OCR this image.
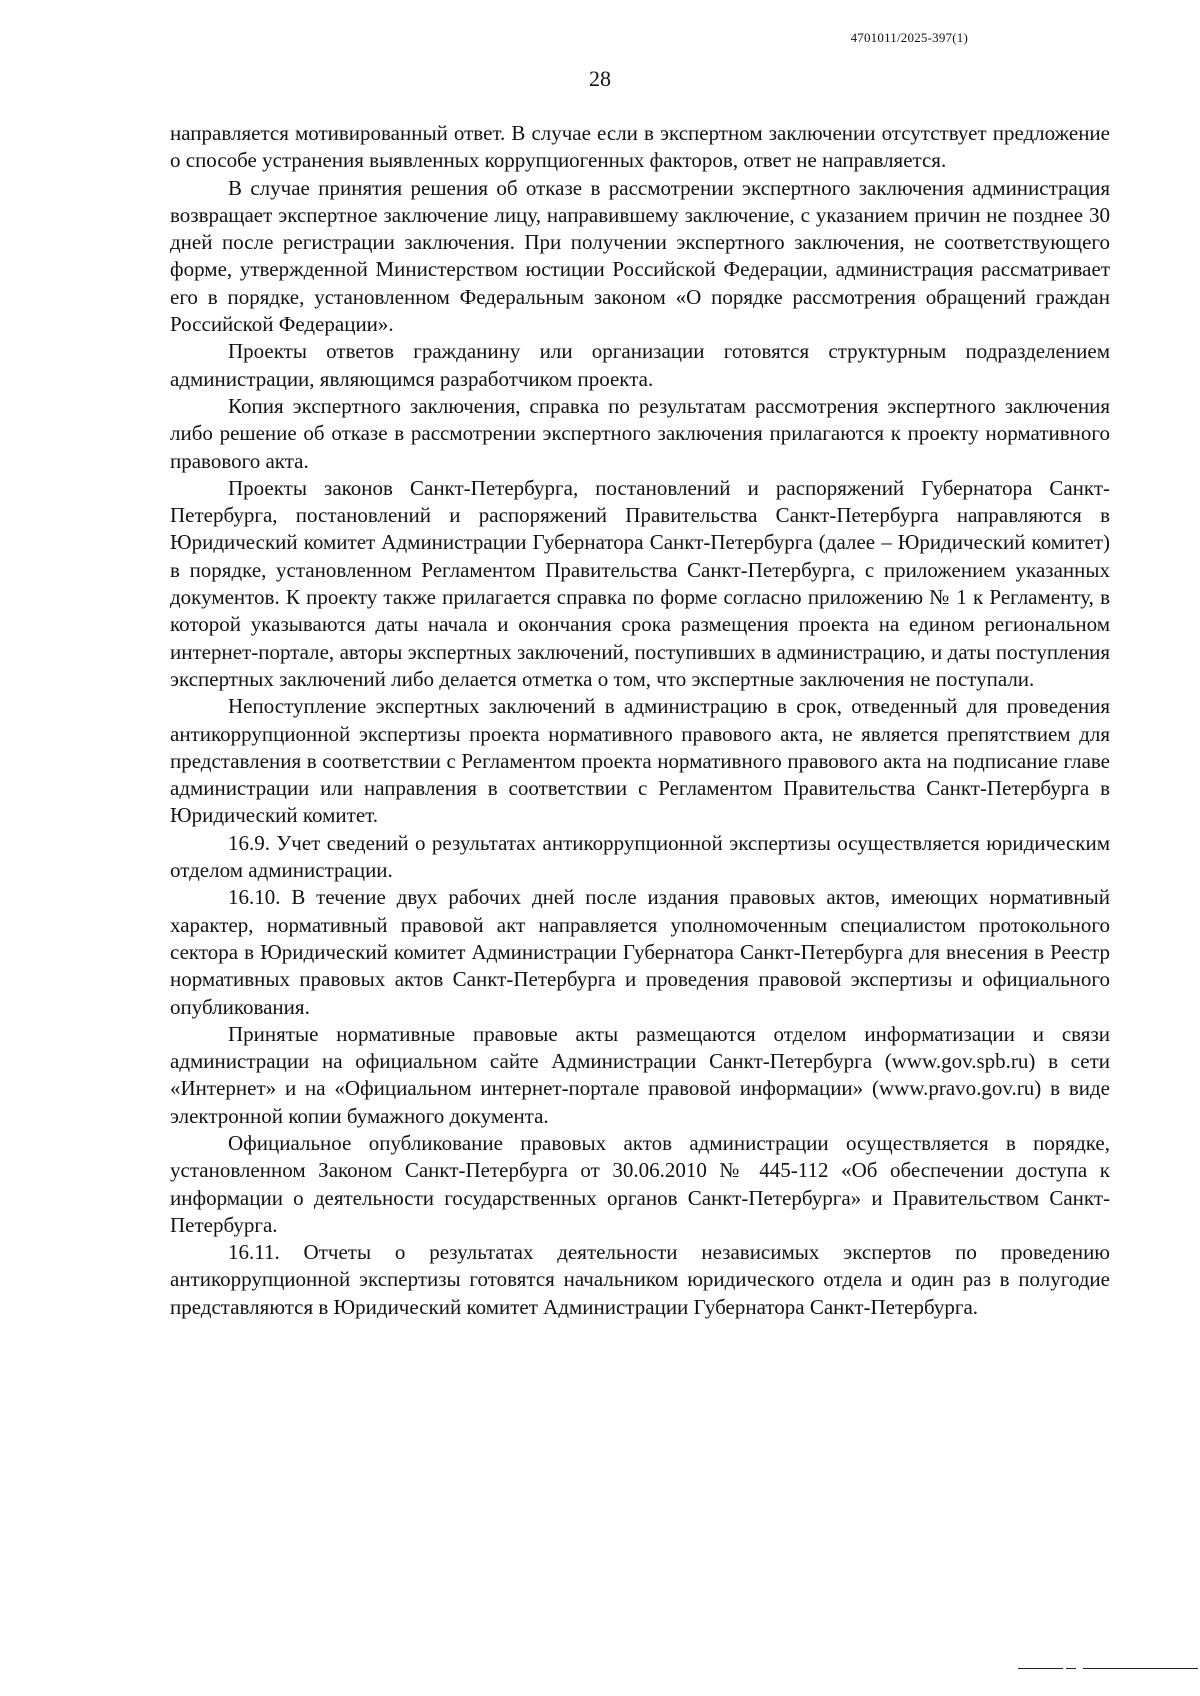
4701011/2025-397(1)
28

направляется мотивированный ответ. В случае если в экспертном заключении отсутствует предложение о способе устранения выявленных коррупциогенных факторов, ответ не направляется.

В случае принятия решения об отказе в рассмотрении экспертного заключения администрация возвращает экспертное заключение лицу, направившему заключение, с указанием причин не позднее 30 дней после регистрации заключения. При получении экспертного заключения, не соответствующего форме, утвержденной Министерством юстиции Российской Федерации, администрация рассматривает его в порядке, установленном Федеральным законом «О порядке рассмотрения обращений граждан Российской Федерации».

Проекты ответов гражданину или организации готовятся структурным подразделением администрации, являющимся разработчиком проекта.

Копия экспертного заключения, справка по результатам рассмотрения экспертного заключения либо решение об отказе в рассмотрении экспертного заключения прилагаются к проекту нормативного правового акта.

Проекты законов Санкт-Петербурга, постановлений и распоряжений Губернатора Санкт-Петербурга, постановлений и распоряжений Правительства Санкт-Петербурга направляются в Юридический комитет Администрации Губернатора Санкт-Петербурга (далее – Юридический комитет) в порядке, установленном Регламентом Правительства Санкт-Петербурга, с приложением указанных документов. К проекту также прилагается справка по форме согласно приложению № 1 к Регламенту, в которой указываются даты начала и окончания срока размещения проекта на едином региональном интернет-портале, авторы экспертных заключений, поступивших в администрацию, и даты поступления экспертных заключений либо делается отметка о том, что экспертные заключения не поступали.

Непоступление экспертных заключений в администрацию в срок, отведенный для проведения антикоррупционной экспертизы проекта нормативного правового акта, не является препятствием для представления в соответствии с Регламентом проекта нормативного правового акта на подписание главе администрации или направления в соответствии с Регламентом Правительства Санкт-Петербурга в Юридический комитет.

16.9. Учет сведений о результатах антикоррупционной экспертизы осуществляется юридическим отделом администрации.

16.10. В течение двух рабочих дней после издания правовых актов, имеющих нормативный характер, нормативный правовой акт направляется уполномоченным специалистом протокольного сектора в Юридический комитет Администрации Губернатора Санкт-Петербурга для внесения в Реестр нормативных правовых актов Санкт-Петербурга и проведения правовой экспертизы и официального опубликования.

Принятые нормативные правовые акты размещаются отделом информатизации и связи администрации на официальном сайте Администрации Санкт-Петербурга (www.gov.spb.ru) в сети «Интернет» и на «Официальном интернет-портале правовой информации» (www.pravo.gov.ru) в виде электронной копии бумажного документа.

Официальное опубликование правовых актов администрации осуществляется в порядке, установленном Законом Санкт-Петербурга от 30.06.2010 № 445-112 «Об обеспечении доступа к информации о деятельности государственных органов Санкт-Петербурга» и Правительством Санкт-Петербурга.

16.11. Отчеты о результатах деятельности независимых экспертов по проведению антикоррупционной экспертизы готовятся начальником юридического отдела и один раз в полугодие представляются в Юридический комитет Администрации Губернатора Санкт-Петербурга.
